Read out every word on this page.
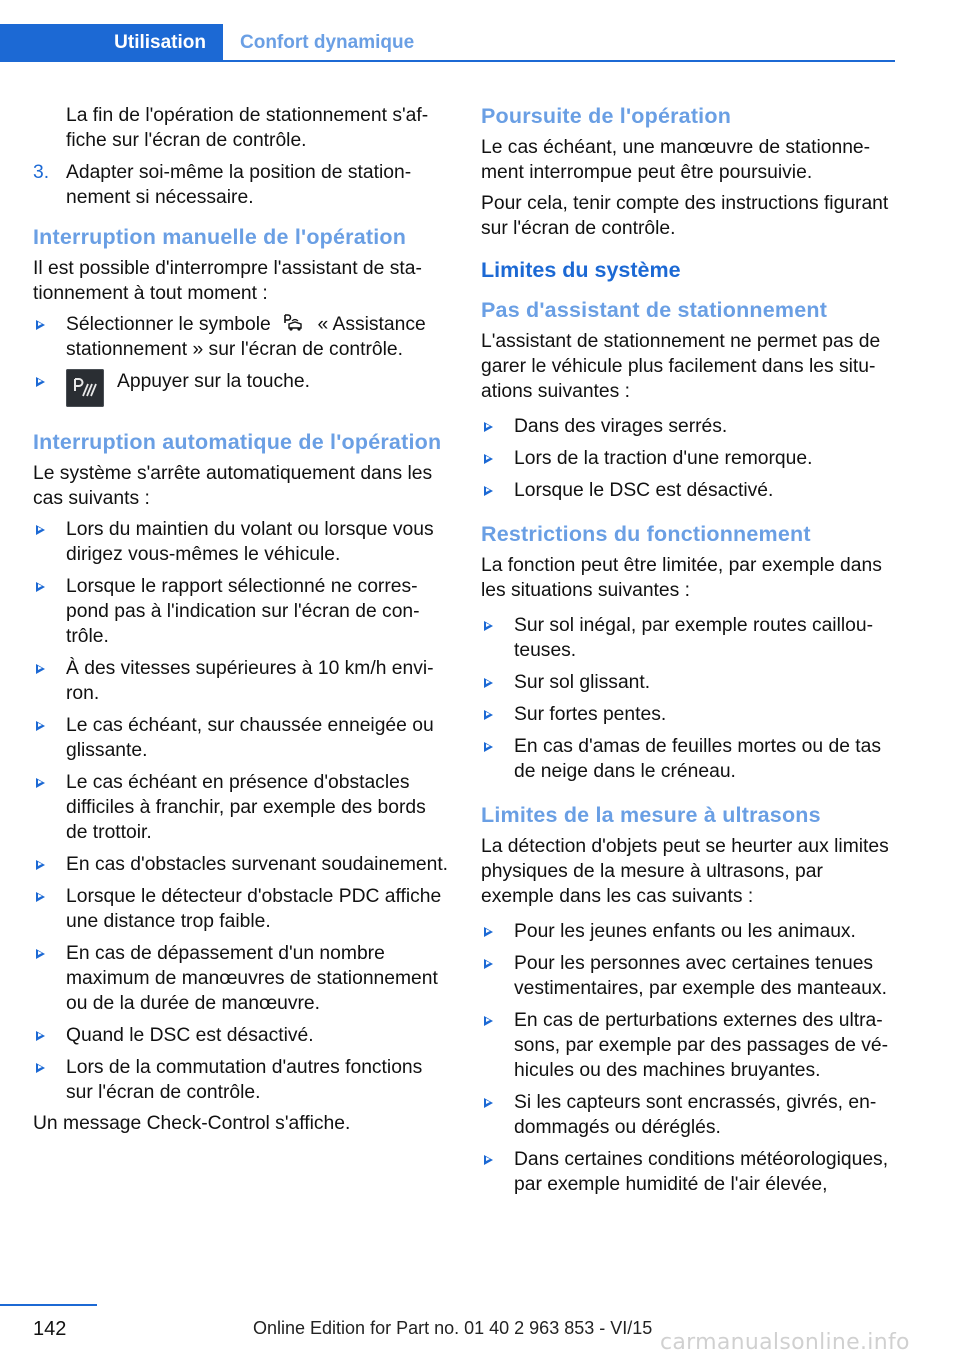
Utilisation	Confort dynamique
La fin de l'opération de stationnement s'affiche sur l'écran de contrôle.
3. Adapter soi-même la position de stationnement si nécessaire.
Interruption manuelle de l'opération
Il est possible d'interrompre l'assistant de stationnement à tout moment :
Sélectionner le symbole « Assistance stationnement » sur l'écran de contrôle.
Appuyer sur la touche.
Interruption automatique de l'opération
Le système s'arrête automatiquement dans les cas suivants :
Lors du maintien du volant ou lorsque vous dirigez vous-mêmes le véhicule.
Lorsque le rapport sélectionné ne correspond pas à l'indication sur l'écran de contrôle.
À des vitesses supérieures à 10 km/h environ.
Le cas échéant, sur chaussée enneigée ou glissante.
Le cas échéant en présence d'obstacles difficiles à franchir, par exemple des bords de trottoir.
En cas d'obstacles survenant soudainement.
Lorsque le détecteur d'obstacle PDC affiche une distance trop faible.
En cas de dépassement d'un nombre maximum de manœuvres de stationnement ou de la durée de manœuvre.
Quand le DSC est désactivé.
Lors de la commutation d'autres fonctions sur l'écran de contrôle.
Un message Check-Control s'affiche.
Poursuite de l'opération
Le cas échéant, une manœuvre de stationnement interrompue peut être poursuivie.
Pour cela, tenir compte des instructions figurant sur l'écran de contrôle.
Limites du système
Pas d'assistant de stationnement
L'assistant de stationnement ne permet pas de garer le véhicule plus facilement dans les situations suivantes :
Dans des virages serrés.
Lors de la traction d'une remorque.
Lorsque le DSC est désactivé.
Restrictions du fonctionnement
La fonction peut être limitée, par exemple dans les situations suivantes :
Sur sol inégal, par exemple routes caillouteuses.
Sur sol glissant.
Sur fortes pentes.
En cas d'amas de feuilles mortes ou de tas de neige dans le créneau.
Limites de la mesure à ultrasons
La détection d'objets peut se heurter aux limites physiques de la mesure à ultrasons, par exemple dans les cas suivants :
Pour les jeunes enfants ou les animaux.
Pour les personnes avec certaines tenues vestimentaires, par exemple des manteaux.
En cas de perturbations externes des ultrasons, par exemple par des passages de véhicules ou des machines bruyantes.
Si les capteurs sont encrassés, givrés, endommagés ou déréglés.
Dans certaines conditions météorologiques, par exemple humidité de l'air élevée,
142	Online Edition for Part no. 01 40 2 963 853 - VI/15
carmanualsonline.info
